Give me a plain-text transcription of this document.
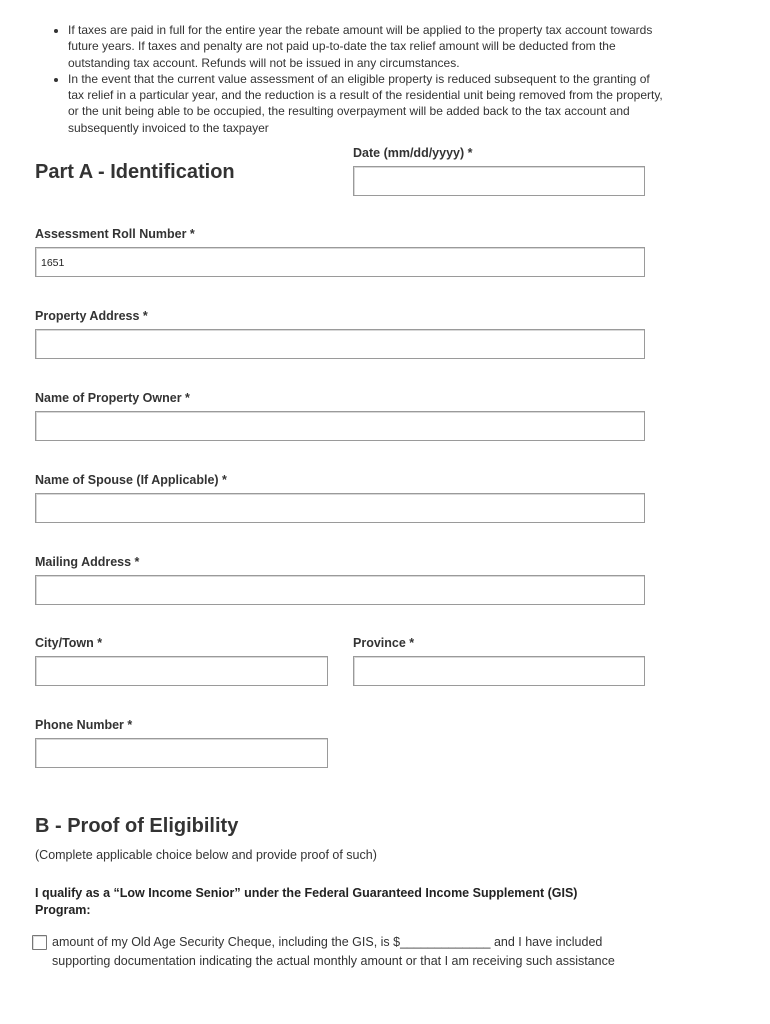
• If taxes are paid in full for the entire year the rebate amount will be applied to the property tax account towards future years. If taxes and penalty are not paid up-to-date the tax relief amount will be deducted from the outstanding tax account. Refunds will not be issued in any circumstances.
• In the event that the current value assessment of an eligible property is reduced subsequent to the granting of tax relief in a particular year, and the reduction is a result of the residential unit being removed from the property, or the unit being able to be occupied, the resulting overpayment will be added back to the tax account and subsequently invoiced to the taxpayer
Part A - Identification
Date (mm/dd/yyyy) *
Assessment Roll Number *
1651
Property Address *
Name of Property Owner *
Name of Spouse (If Applicable) *
Mailing Address *
City/Town *	Province *
Phone Number *
B - Proof of Eligibility
(Complete applicable choice below and provide proof of such)
I qualify as a “Low Income Senior” under the Federal Guaranteed Income Supplement (GIS) Program:
amount of my Old Age Security Cheque, including the GIS, is $_____________ and I have included supporting documentation indicating the actual monthly amount or that I am receiving such assistance
